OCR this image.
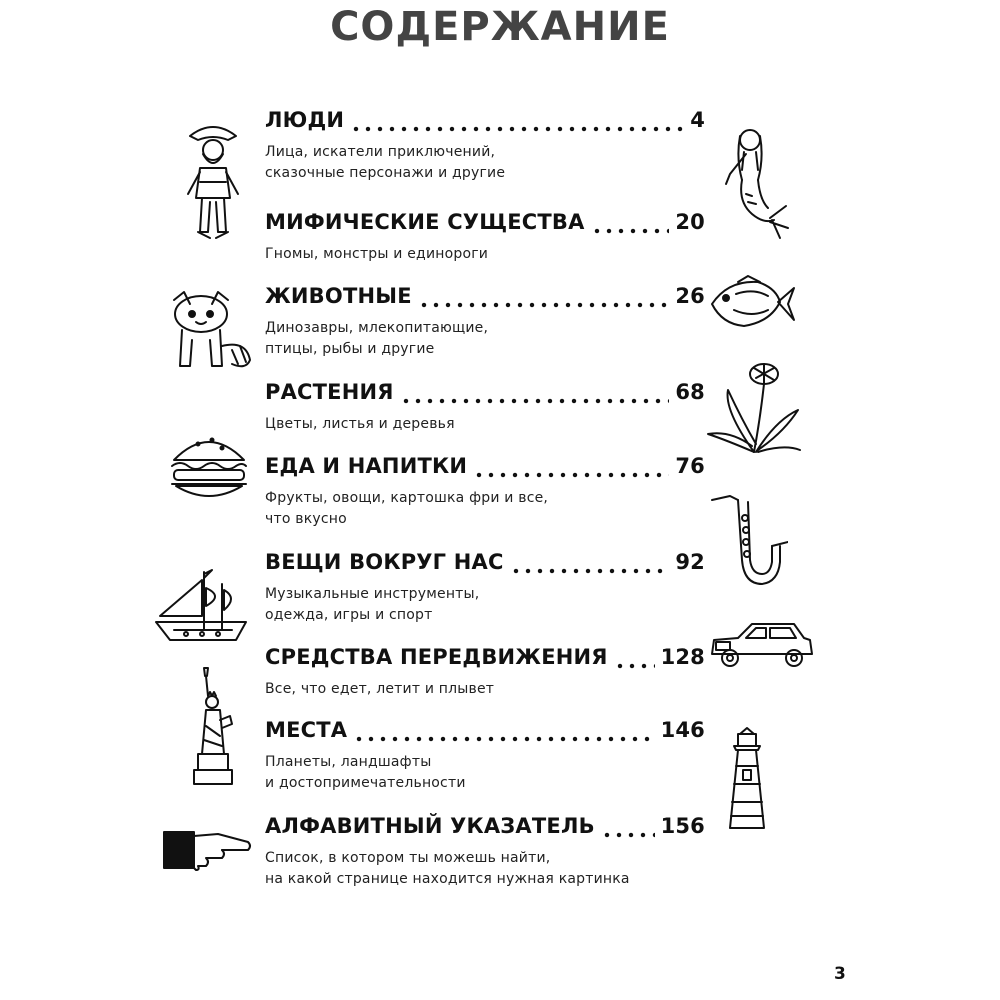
СОДЕРЖАНИЕ
ЛЮДИ	4
Лица, искатели приключений,
сказочные персонажи и другие
МИФИЧЕСКИЕ СУЩЕСТВА	20
Гномы, монстры и единороги
ЖИВОТНЫЕ	26
Динозавры, млекопитающие,
птицы, рыбы и другие
РАСТЕНИЯ	68
Цветы, листья и деревья
ЕДА И НАПИТКИ	76
Фрукты, овощи, картошка фри и все,
что вкусно
ВЕЩИ ВОКРУГ НАС	92
Музыкальные инструменты,
одежда, игры и спорт
СРЕДСТВА ПЕРЕДВИЖЕНИЯ	128
Все, что едет, летит и плывет
МЕСТА	146
Планеты, ландшафты
и достопримечательности
АЛФАВИТНЫЙ УКАЗАТЕЛЬ	156
Список, в котором ты можешь найти,
на какой странице находится нужная картинка
3
